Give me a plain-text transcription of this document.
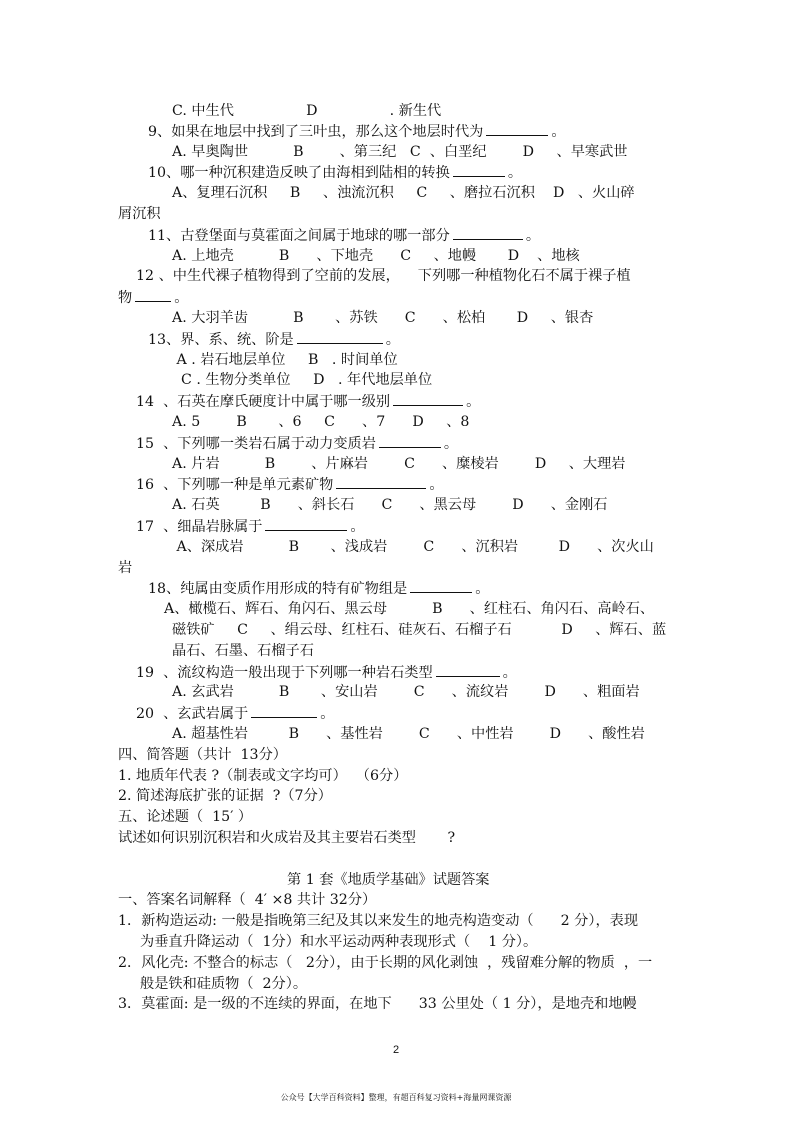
C. 中生代                D                . 新生代
9、如果在地层中找到了三叶虫，那么这个地层时代为	。
A. 早奥陶世          B        、第三纪   C  、白垩纪        D     、早寒武世
10、哪一种沉积建造反映了由海相到陆相的转换	。
A、复理石沉积     B     、浊流沉积     C     、磨拉石沉积    D   、火山碎
屑沉积
11、古登堡面与莫霍面之间属于地球的哪一部分	。
A. 上地壳          B      、下地壳      C     、地幔       D    、地核
12 、中生代裸子植物得到了空前的发展，    下列哪一种植物化石不属于裸子植
物	。
A. 大羽羊齿          B       、苏铁      C      、松柏       D     、银杏
13、界、系、统、阶是	。
A . 岩石地层单位     B   . 时间单位
C . 生物分类单位     D   . 年代地层单位
14  、石英在摩氏硬度计中属于哪一级别	。
A. 5        B       、6     C      、7      D     、8
15  、下列哪一类岩石属于动力变质岩	。
A. 片岩          B        、片麻岩        C      、糜棱岩        D     、大理岩
16  、下列哪一种是单元素矿物	。
A. 石英         B      、斜长石      C      、黑云母        D      、金刚石
17  、细晶岩脉属于	。
A、深成岩          B       、浅成岩        C      、沉积岩         D      、次火山
岩
18、纯属由变质作用形成的特有矿物组是	。
A、橄榄石、辉石、角闪石、黑云母          B      、红柱石、角闪石、高岭石、
磁铁矿     C     、绢云母、红柱石、硅灰石、石榴子石           D     、辉石、蓝
晶石、石墨、石榴子石
19  、流纹构造一般出现于下列哪一种岩石类型	。
A. 玄武岩          B       、安山岩        C      、流纹岩        D      、粗面岩
20  、玄武岩属于	。
A. 超基性岩         B      、基性岩        C      、中性岩        D      、酸性岩
四、简答题（共计  13分）
1. 地质年代表 ?（制表或文字均可）  （6分）
2. 简述海底扩张的证据  ?（7分）
五、论述题（  15′ ）
试述如何识别沉积岩和火成岩及其主要岩石类型       ?
第 1 套《地质学基础》试题答案
一、答案名词解释（  4′ ×8 共计 32分）
1．新构造运动: 一般是指晚第三纪及其以来发生的地壳构造变动（      2 分），表现
为垂直升降运动（  1分）和水平运动两种表现形式（    1 分）。
2．风化壳: 不整合的标志（   2分），由于长期的风化剥蚀  ，残留难分解的物质  ，一
般是铁和硅质物（  2分）。
3．莫霍面: 是一级的不连续的界面，在地下      33 公里处（ 1 分），是地壳和地幔
2
公众号【大学百科资料】整理，有超百科复习资料+海量网课资源
